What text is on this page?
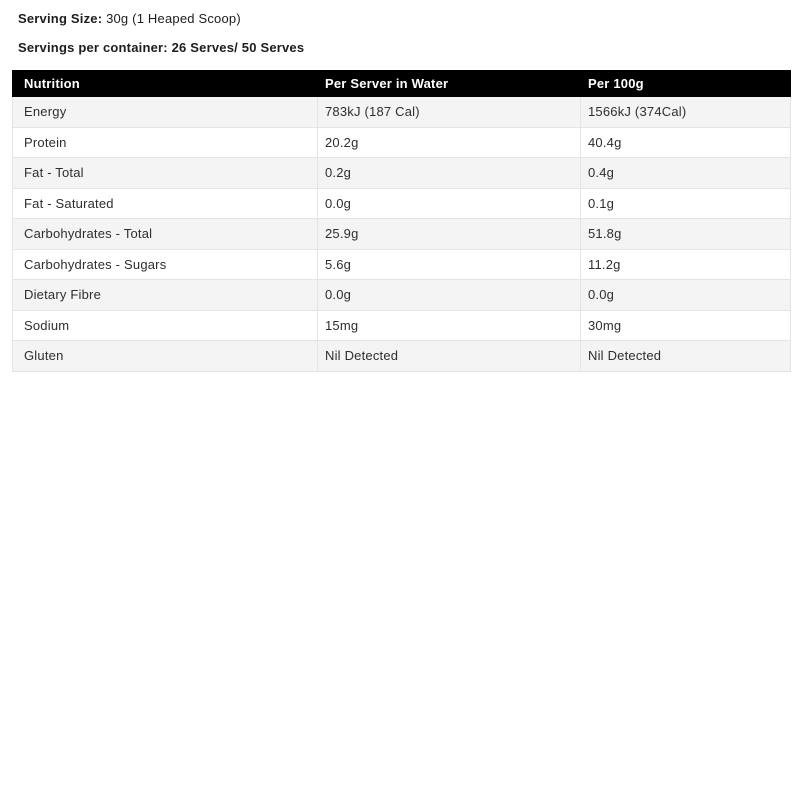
Serving Size: 30g (1 Heaped Scoop)

Servings per container: 26 Serves/ 50 Serves

Nutrition	Per Server in Water	Per 100g
Energy	783kJ (187 Cal)	1566kJ (374Cal)
Protein	20.2g	40.4g
Fat - Total	0.2g	0.4g
Fat - Saturated	0.0g	0.1g
Carbohydrates - Total	25.9g	51.8g
Carbohydrates - Sugars	5.6g	11.2g
Dietary Fibre	0.0g	0.0g
Sodium	15mg	30mg
Gluten	Nil Detected	Nil Detected
